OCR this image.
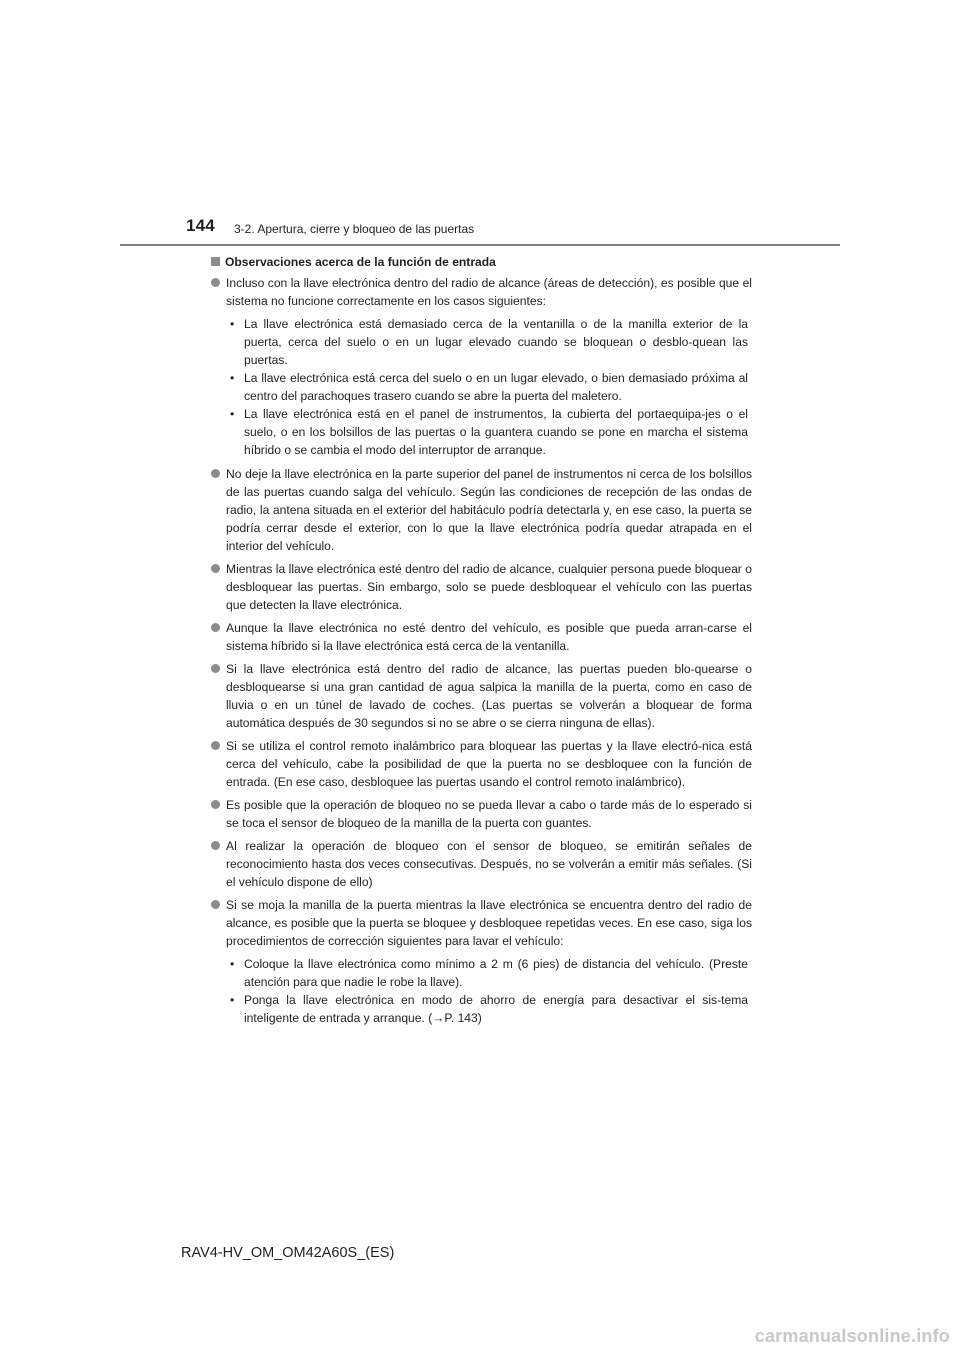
144 3-2. Apertura, cierre y bloqueo de las puertas
Observaciones acerca de la función de entrada

Incluso con la llave electrónica dentro del radio de alcance (áreas de detección), es posible que el sistema no funcione correctamente en los casos siguientes:

• La llave electrónica está demasiado cerca de la ventanilla o de la manilla exterior de la puerta, cerca del suelo o en un lugar elevado cuando se bloquean o desblo-quean las puertas.
• La llave electrónica está cerca del suelo o en un lugar elevado, o bien demasiado próxima al centro del parachoques trasero cuando se abre la puerta del maletero.
• La llave electrónica está en el panel de instrumentos, la cubierta del portaequipa-jes o el suelo, o en los bolsillos de las puertas o la guantera cuando se pone en marcha el sistema híbrido o se cambia el modo del interruptor de arranque.

No deje la llave electrónica en la parte superior del panel de instrumentos ni cerca de los bolsillos de las puertas cuando salga del vehículo. Según las condiciones de recepción de las ondas de radio, la antena situada en el exterior del habitáculo podría detectarla y, en ese caso, la puerta se podría cerrar desde el exterior, con lo que la llave electrónica podría quedar atrapada en el interior del vehículo.

Mientras la llave electrónica esté dentro del radio de alcance, cualquier persona puede bloquear o desbloquear las puertas. Sin embargo, solo se puede desbloquear el vehículo con las puertas que detecten la llave electrónica.

Aunque la llave electrónica no esté dentro del vehículo, es posible que pueda arran-carse el sistema híbrido si la llave electrónica está cerca de la ventanilla.

Si la llave electrónica está dentro del radio de alcance, las puertas pueden blo-quearse o desbloquearse si una gran cantidad de agua salpica la manilla de la puerta, como en caso de lluvia o en un túnel de lavado de coches. (Las puertas se volverán a bloquear de forma automática después de 30 segundos si no se abre o se cierra ninguna de ellas).

Si se utiliza el control remoto inalámbrico para bloquear las puertas y la llave electró-nica está cerca del vehículo, cabe la posibilidad de que la puerta no se desbloquee con la función de entrada. (En ese caso, desbloquee las puertas usando el control remoto inalámbrico).

Es posible que la operación de bloqueo no se pueda llevar a cabo o tarde más de lo esperado si se toca el sensor de bloqueo de la manilla de la puerta con guantes.

Al realizar la operación de bloqueo con el sensor de bloqueo, se emitirán señales de reconocimiento hasta dos veces consecutivas. Después, no se volverán a emitir más señales. (Si el vehículo dispone de ello)

Si se moja la manilla de la puerta mientras la llave electrónica se encuentra dentro del radio de alcance, es posible que la puerta se bloquee y desbloquee repetidas veces. En ese caso, siga los procedimientos de corrección siguientes para lavar el vehículo:

• Coloque la llave electrónica como mínimo a 2 m (6 pies) de distancia del vehículo. (Preste atención para que nadie le robe la llave).
• Ponga la llave electrónica en modo de ahorro de energía para desactivar el sis-tema inteligente de entrada y arranque. (→P. 143)
RAV4-HV_OM_OM42A60S_(ES)
carmanualsonline.info
